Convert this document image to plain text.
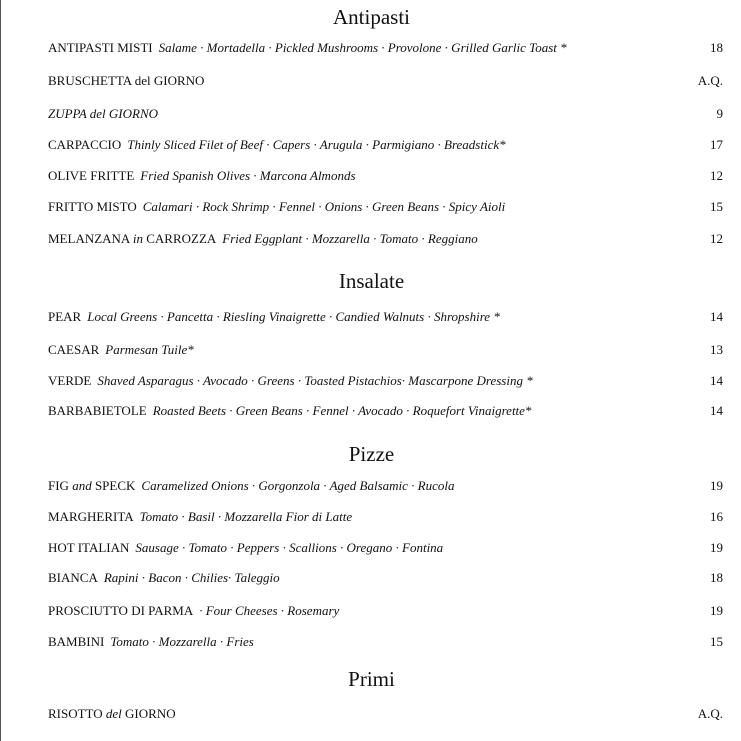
Antipasti
ANTIPASTI MISTI Salame · Mortadella · Pickled Mushrooms · Provolone · Grilled Garlic Toast *	18
BRUSCHETTA del GIORNO	A.Q.
ZUPPA del GIORNO	9
CARPACCIO Thinly Sliced Filet of Beef · Capers · Arugula · Parmigiano · Breadstick*	17
OLIVE FRITTE Fried Spanish Olives · Marcona Almonds	12
FRITTO MISTO Calamari · Rock Shrimp · Fennel · Onions · Green Beans · Spicy Aioli	15
MELANZANA in CARROZZA Fried Eggplant · Mozzarella · Tomato · Reggiano	12
Insalate
PEAR Local Greens · Pancetta · Riesling Vinaigrette · Candied Walnuts · Shropshire *	14
CAESAR Parmesan Tuile*	13
VERDE Shaved Asparagus · Avocado · Greens · Toasted Pistachios· Mascarpone Dressing *	14
BARBABIETOLE Roasted Beets · Green Beans · Fennel · Avocado · Roquefort Vinaigrette*	14
Pizze
FIG and SPECK Caramelized Onions · Gorgonzola · Aged Balsamic · Rucola	19
MARGHERITA Tomato · Basil · Mozzarella Fior di Latte	16
HOT ITALIAN Sausage · Tomato · Peppers · Scallions · Oregano · Fontina	19
BIANCA Rapini · Bacon · Chilies· Taleggio	18
PROSCIUTTO DI PARMA · Four Cheeses · Rosemary	19
BAMBINI Tomato · Mozzarella · Fries	15
Primi
RISOTTO del GIORNO	A.Q.
